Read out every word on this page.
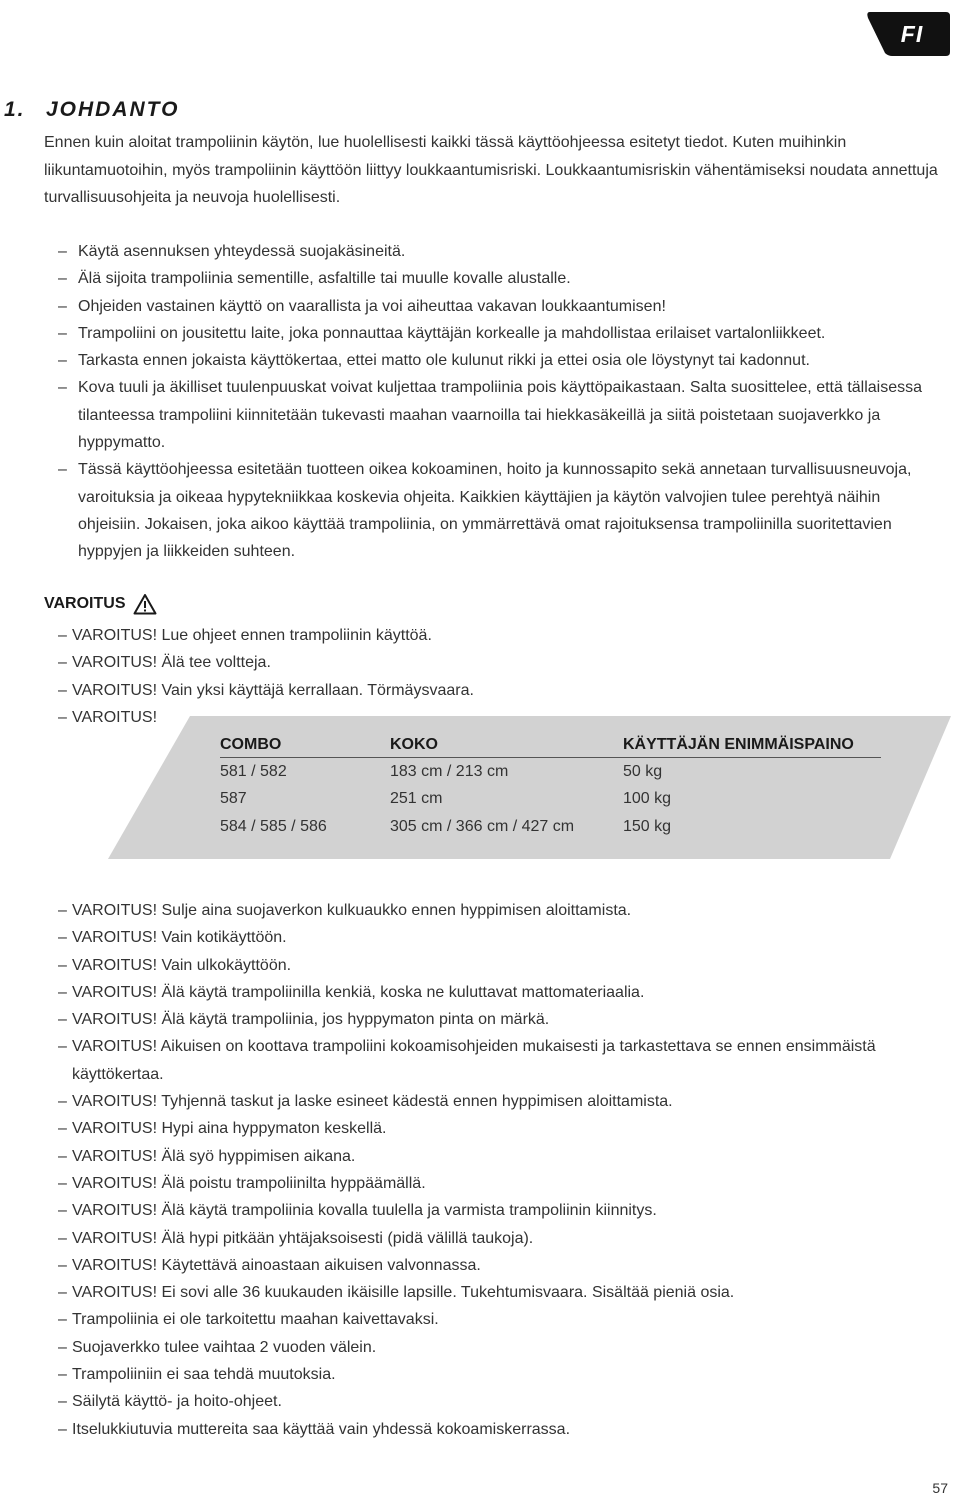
FI
1. JOHDANTO

Ennen kuin aloitat trampoliinin käytön, lue huolellisesti kaikki tässä käyttöohjeessa esitetyt tiedot. Kuten muihinkin liikuntamuotoihin, myös trampoliinin käyttöön liittyy loukkaantumisriski. Loukkaantumisriskin vähentämiseksi noudata annettuja turvallisuusohjeita ja neuvoja huolellisesti.

– Käytä asennuksen yhteydessä suojakäsineitä.
– Älä sijoita trampoliinia sementille, asfaltille tai muulle kovalle alustalle.
– Ohjeiden vastainen käyttö on vaarallista ja voi aiheuttaa vakavan loukkaantumisen!
– Trampoliini on jousitettu laite, joka ponnauttaa käyttäjän korkealle ja mahdollistaa erilaiset vartalonliikkeet.
– Tarkasta ennen jokaista käyttökertaa, ettei matto ole kulunut rikki ja ettei osia ole löystynyt tai kadonnut.
– Kova tuuli ja äkilliset tuulenpuuskat voivat kuljettaa trampoliinia pois käyttöpaikastaan. Salta suosittelee, että tällaisessa tilanteessa trampoliini kiinnitetään tukevasti maahan vaarnoilla tai hiekkasäkeillä ja siitä poistetaan suojaverkko ja hyppymatto.
– Tässä käyttöohjeessa esitetään tuotteen oikea kokoaminen, hoito ja kunnossapito sekä annetaan turvallisuusneuvoja, varoituksia ja oikeaa hypytekniikkaa koskevia ohjeita. Kaikkien käyttäjien ja käytön valvojien tulee perehtyä näihin ohjeisiin. Jokaisen, joka aikoo käyttää trampoliinia, on ymmärrettävä omat rajoituksensa trampoliinilla suoritettavien hyppyjen ja liikkeiden suhteen.
VAROITUS
– VAROITUS! Lue ohjeet ennen trampoliinin käyttöä.
– VAROITUS! Älä tee voltteja.
– VAROITUS! Vain yksi käyttäjä kerrallaan. Törmäysvaara.
– VAROITUS!
COMBO	KOKO	KÄYTTÄJÄN ENIMMÄISPAINO
581 / 582	183 cm / 213 cm	50 kg
587	251 cm	100 kg
584 / 585 / 586	305 cm / 366 cm / 427 cm	150 kg
– VAROITUS! Sulje aina suojaverkon kulkuaukko ennen hyppimisen aloittamista.
– VAROITUS! Vain kotikäyttöön.
– VAROITUS! Vain ulkokäyttöön.
– VAROITUS! Älä käytä trampoliinilla kenkiä, koska ne kuluttavat mattomateriaalia.
– VAROITUS! Älä käytä trampoliinia, jos hyppymaton pinta on märkä.
– VAROITUS! Aikuisen on koottava trampoliini kokoamisohjeiden mukaisesti ja tarkastettava se ennen ensimmäistä käyttökertaa.
– VAROITUS! Tyhjennä taskut ja laske esineet kädestä ennen hyppimisen aloittamista.
– VAROITUS! Hypi aina hyppymaton keskellä.
– VAROITUS! Älä syö hyppimisen aikana.
– VAROITUS! Älä poistu trampoliinilta hyppäämällä.
– VAROITUS! Älä käytä trampoliinia kovalla tuulella ja varmista trampoliinin kiinnitys.
– VAROITUS! Älä hypi pitkään yhtäjaksoisesti (pidä välillä taukoja).
– VAROITUS! Käytettävä ainoastaan aikuisen valvonnassa.
– VAROITUS! Ei sovi alle 36 kuukauden ikäisille lapsille. Tukehtumisvaara. Sisältää pieniä osia.
– Trampoliinia ei ole tarkoitettu maahan kaivettavaksi.
– Suojaverkko tulee vaihtaa 2 vuoden välein.
– Trampoliiniin ei saa tehdä muutoksia.
– Säilytä käyttö- ja hoito-ohjeet.
– Itselukkiutuvia muttereita saa käyttää vain yhdessä kokoamiskerrassa.
57
